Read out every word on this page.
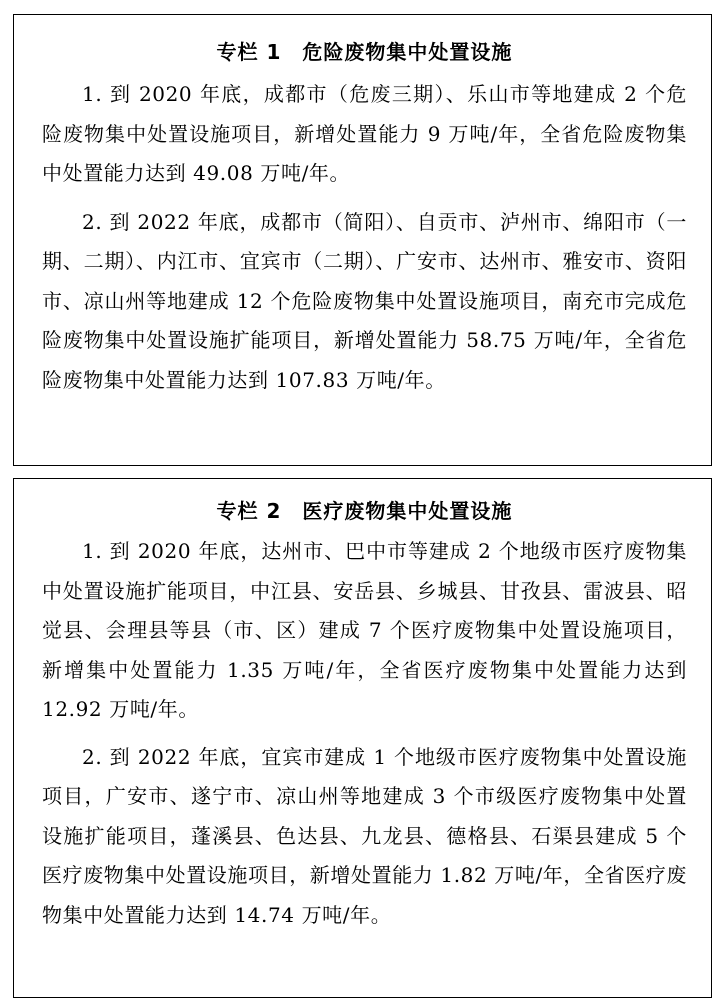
专栏 1　危险废物集中处置设施

1. 到 2020 年底，成都市（危废三期）、乐山市等地建成 2 个危险废物集中处置设施项目，新增处置能力 9 万吨/年，全省危险废物集中处置能力达到 49.08 万吨/年。

2. 到 2022 年底，成都市（简阳）、自贡市、泸州市、绵阳市（一期、二期）、内江市、宜宾市（二期）、广安市、达州市、雅安市、资阳市、凉山州等地建成 12 个危险废物集中处置设施项目，南充市完成危险废物集中处置设施扩能项目，新增处置能力 58.75 万吨/年，全省危险废物集中处置能力达到 107.83 万吨/年。

专栏 2　医疗废物集中处置设施

1. 到 2020 年底，达州市、巴中市等建成 2 个地级市医疗废物集中处置设施扩能项目，中江县、安岳县、乡城县、甘孜县、雷波县、昭觉县、会理县等县（市、区）建成 7 个医疗废物集中处置设施项目，新增集中处置能力 1.35 万吨/年，全省医疗废物集中处置能力达到 12.92 万吨/年。

2. 到 2022 年底，宜宾市建成 1 个地级市医疗废物集中处置设施项目，广安市、遂宁市、凉山州等地建成 3 个市级医疗废物集中处置设施扩能项目，蓬溪县、色达县、九龙县、德格县、石渠县建成 5 个医疗废物集中处置设施项目，新增处置能力 1.82 万吨/年，全省医疗废物集中处置能力达到 14.74 万吨/年。
